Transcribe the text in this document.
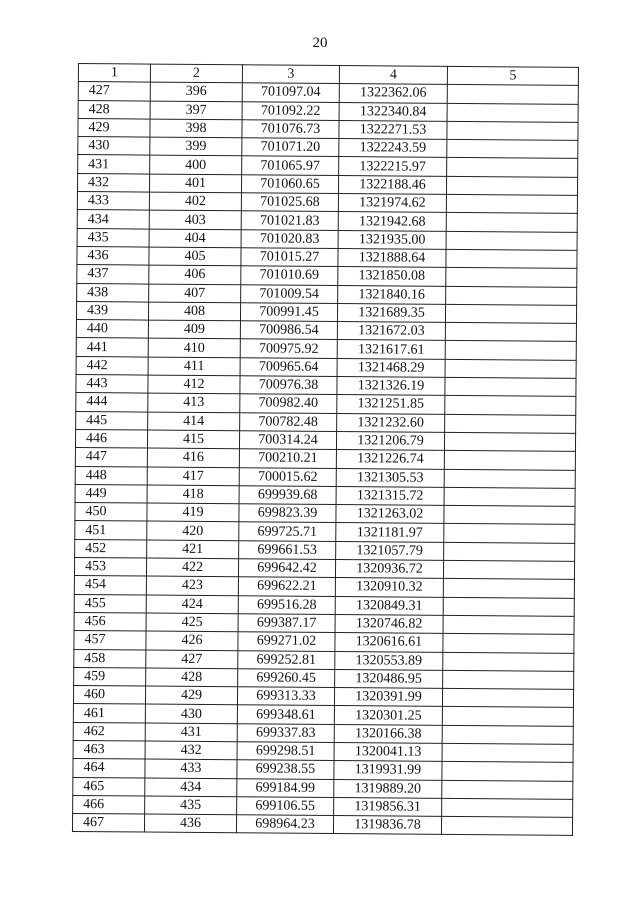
20
1	2	3	4	5
427	396	701097.04	1322362.06	
428	397	701092.22	1322340.84	
429	398	701076.73	1322271.53	
430	399	701071.20	1322243.59	
431	400	701065.97	1322215.97	
432	401	701060.65	1322188.46	
433	402	701025.68	1321974.62	
434	403	701021.83	1321942.68	
435	404	701020.83	1321935.00	
436	405	701015.27	1321888.64	
437	406	701010.69	1321850.08	
438	407	701009.54	1321840.16	
439	408	700991.45	1321689.35	
440	409	700986.54	1321672.03	
441	410	700975.92	1321617.61	
442	411	700965.64	1321468.29	
443	412	700976.38	1321326.19	
444	413	700982.40	1321251.85	
445	414	700782.48	1321232.60	
446	415	700314.24	1321206.79	
447	416	700210.21	1321226.74	
448	417	700015.62	1321305.53	
449	418	699939.68	1321315.72	
450	419	699823.39	1321263.02	
451	420	699725.71	1321181.97	
452	421	699661.53	1321057.79	
453	422	699642.42	1320936.72	
454	423	699622.21	1320910.32	
455	424	699516.28	1320849.31	
456	425	699387.17	1320746.82	
457	426	699271.02	1320616.61	
458	427	699252.81	1320553.89	
459	428	699260.45	1320486.95	
460	429	699313.33	1320391.99	
461	430	699348.61	1320301.25	
462	431	699337.83	1320166.38	
463	432	699298.51	1320041.13	
464	433	699238.55	1319931.99	
465	434	699184.99	1319889.20	
466	435	699106.55	1319856.31	
467	436	698964.23	1319836.78	
